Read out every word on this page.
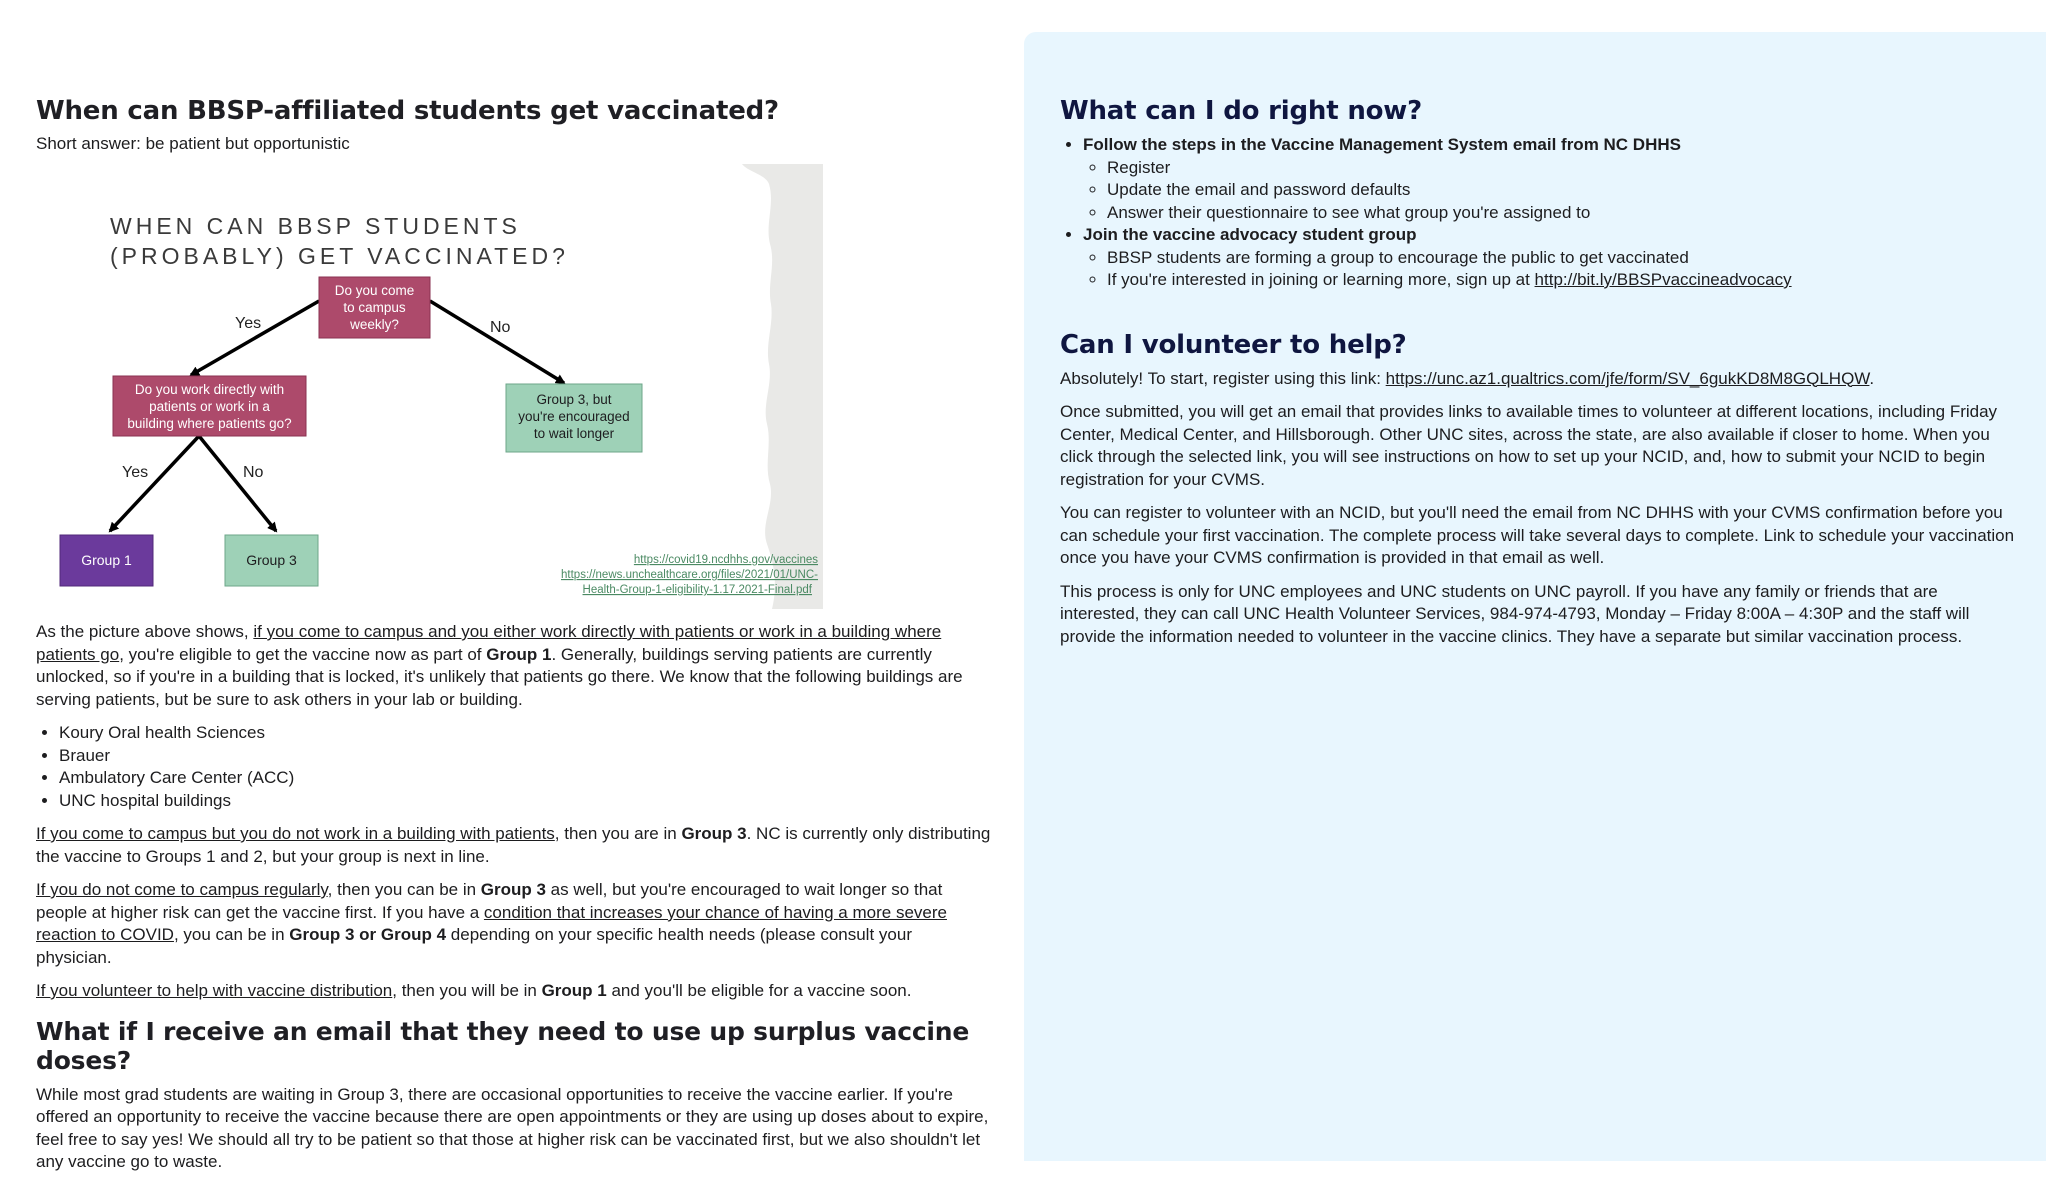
When can BBSP-affiliated students get vaccinated?
Short answer: be patient but opportunistic
WHEN CAN BBSP STUDENTS
(PROBABLY) GET VACCINATED?
Do you come
to campus
weekly?
Yes	No
Do you work directly with
patients or work in a
building where patients go?
Group 3, but
you're encouraged
to wait longer
Yes	No
Group 1	Group 3	https://covid19.ncdhhs.gov/vaccines
https://news.unchealthcare.org/files/2021/01/UNC-
Health-Group-1-eligibility-1.17.2021-Final.pdf

As the picture above shows, if you come to campus and you either work directly with patients or work in a building where patients go, you're eligible to get the vaccine now as part of Group 1. Generally, buildings serving patients are currently unlocked, so if you're in a building that is locked, it's unlikely that patients go there. We know that the following buildings are serving patients, but be sure to ask others in your lab or building.

• Koury Oral health Sciences
• Brauer
• Ambulatory Care Center (ACC)
• UNC hospital buildings

If you come to campus but you do not work in a building with patients, then you are in Group 3. NC is currently only distributing the vaccine to Groups 1 and 2, but your group is next in line.

If you do not come to campus regularly, then you can be in Group 3 as well, but you're encouraged to wait longer so that people at higher risk can get the vaccine first. If you have a condition that increases your chance of having a more severe reaction to COVID, you can be in Group 3 or Group 4 depending on your specific health needs (please consult your physician.

If you volunteer to help with vaccine distribution, then you will be in Group 1 and you'll be eligible for a vaccine soon.

What if I receive an email that they need to use up surplus vaccine doses?

While most grad students are waiting in Group 3, there are occasional opportunities to receive the vaccine earlier. If you're offered an opportunity to receive the vaccine because there are open appointments or they are using up doses about to expire, feel free to say yes! We should all try to be patient so that those at higher risk can be vaccinated first, but we also shouldn't let any vaccine go to waste.

What can I do right now?
• Follow the steps in the Vaccine Management System email from NC DHHS
◦ Register
◦ Update the email and password defaults
◦ Answer their questionnaire to see what group you're assigned to
• Join the vaccine advocacy student group
◦ BBSP students are forming a group to encourage the public to get vaccinated
◦ If you're interested in joining or learning more, sign up at http://bit.ly/BBSPvaccineadvocacy
Can I volunteer to help?

Absolutely! To start, register using this link: https://unc.az1.qualtrics.com/jfe/form/SV_6gukKD8M8GQLHQW.

Once submitted, you will get an email that provides links to available times to volunteer at different locations, including Friday Center, Medical Center, and Hillsborough. Other UNC sites, across the state, are also available if closer to home. When you click through the selected link, you will see instructions on how to set up your NCID, and, how to submit your NCID to begin registration for your CVMS.

You can register to volunteer with an NCID, but you'll need the email from NC DHHS with your CVMS confirmation before you can schedule your first vaccination. The complete process will take several days to complete. Link to schedule your vaccination once you have your CVMS confirmation is provided in that email as well.

This process is only for UNC employees and UNC students on UNC payroll. If you have any family or friends that are interested, they can call UNC Health Volunteer Services, 984-974-4793, Monday – Friday 8:00A – 4:30P and the staff will provide the information needed to volunteer in the vaccine clinics. They have a separate but similar vaccination process.
